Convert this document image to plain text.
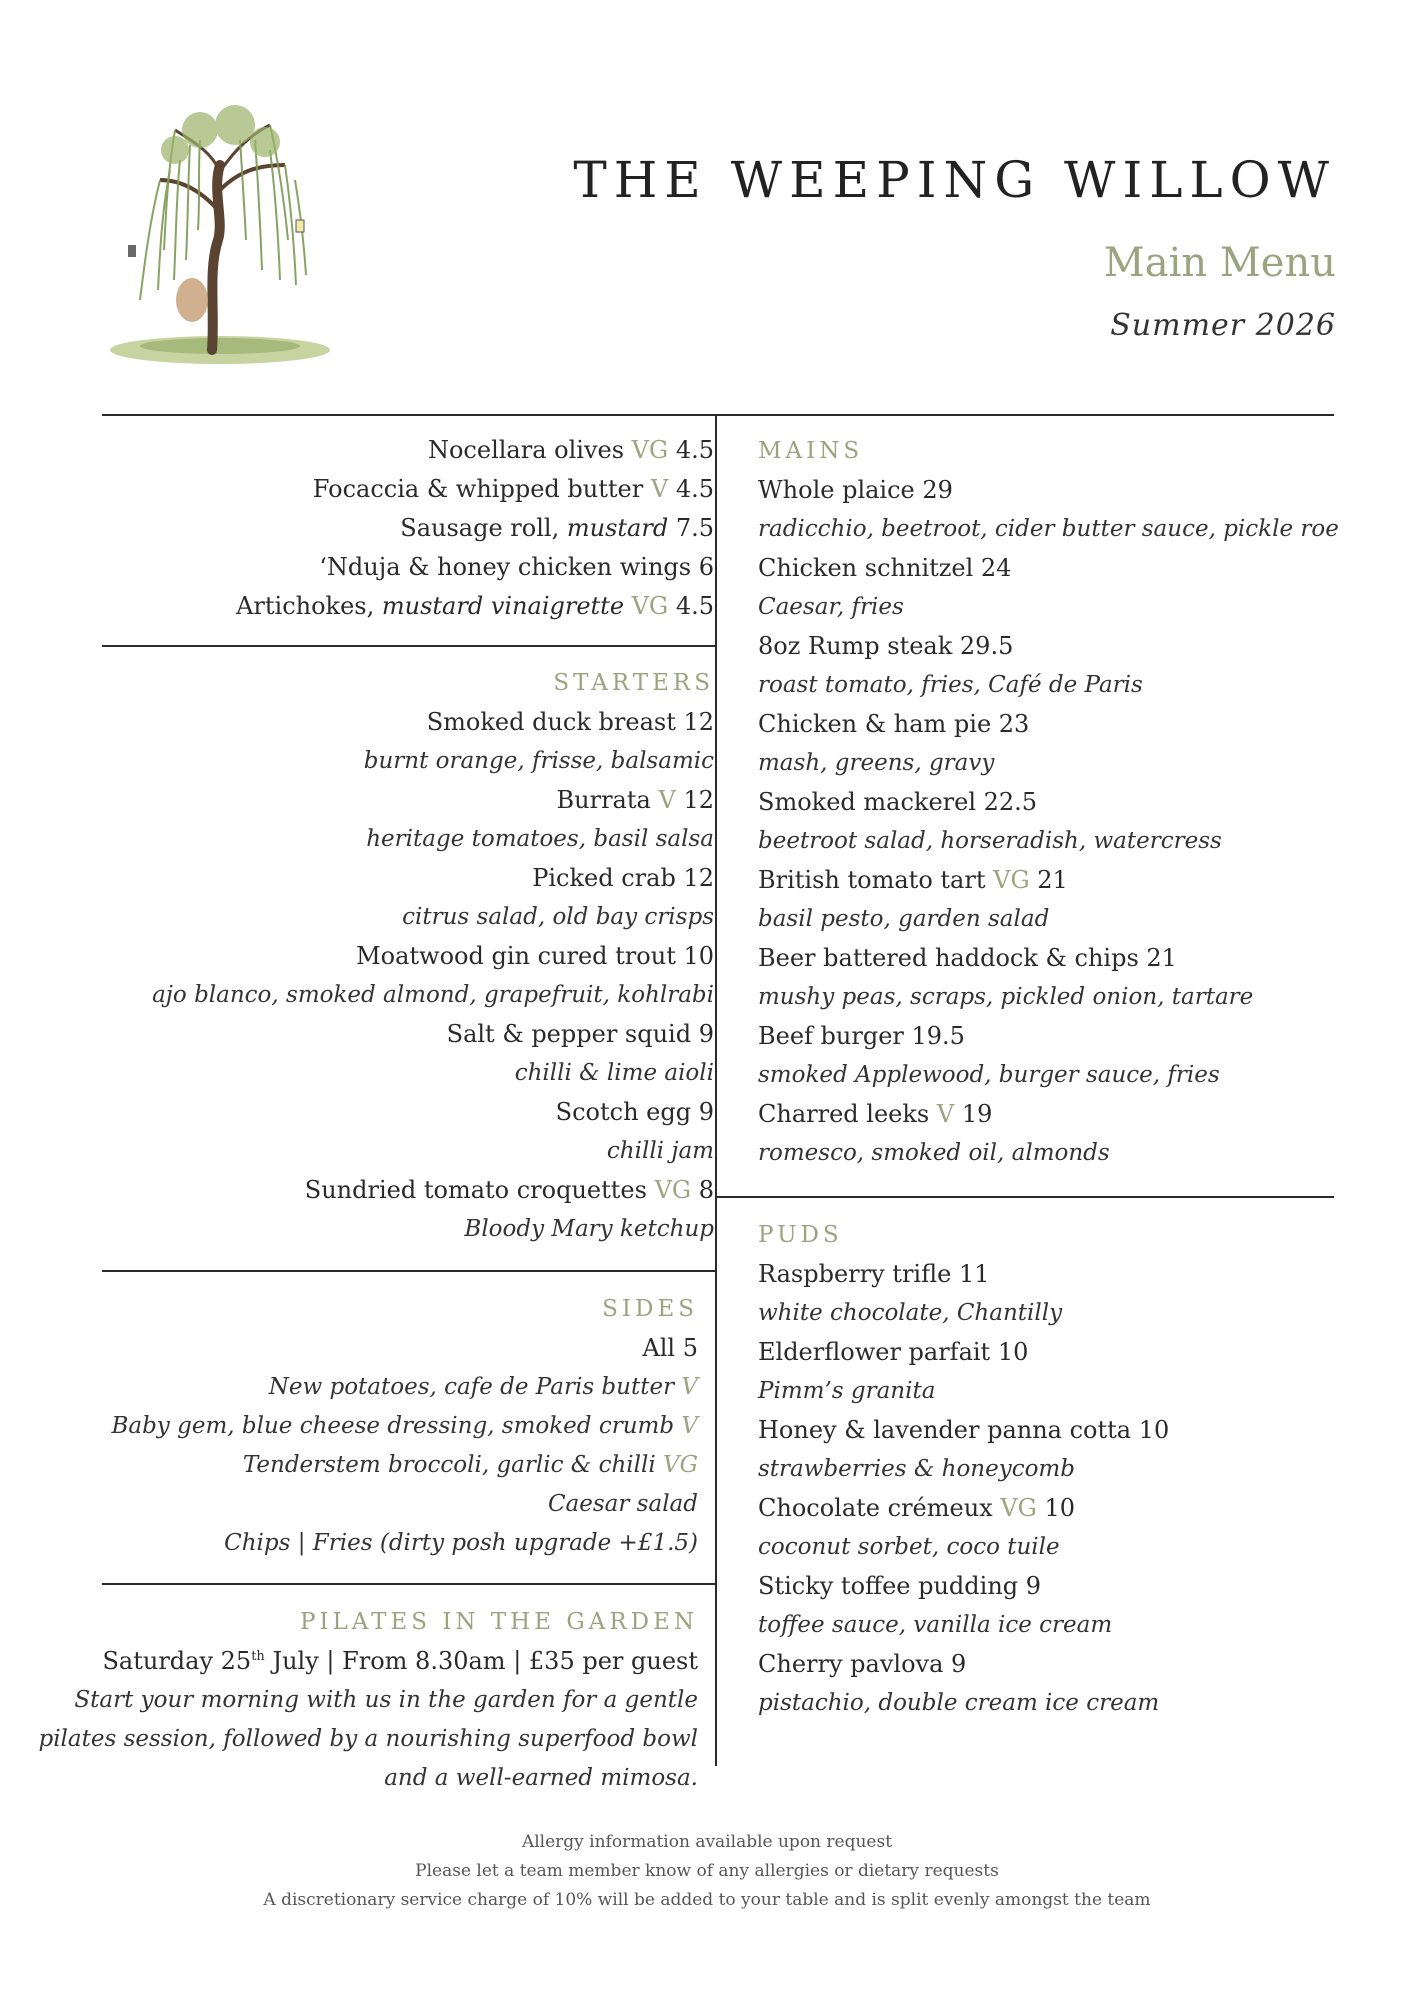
THE WEEPING WILLOW
Main Menu
Summer 2026
Nocellara olives VG 4.5
Focaccia & whipped butter V 4.5
Sausage roll, mustard 7.5
‘Nduja & honey chicken wings 6
Artichokes, mustard vinaigrette VG 4.5
STARTERS
Smoked duck breast 12
burnt orange, frisse, balsamic
Burrata V 12
heritage tomatoes, basil salsa
Picked crab 12
citrus salad, old bay crisps
Moatwood gin cured trout 10
ajo blanco, smoked almond, grapefruit, kohlrabi
Salt & pepper squid 9
chilli & lime aioli
Scotch egg 9
chilli jam
Sundried tomato croquettes VG 8
Bloody Mary ketchup
SIDES
All 5
New potatoes, cafe de Paris butter V
Baby gem, blue cheese dressing, smoked crumb V
Tenderstem broccoli, garlic & chilli VG
Caesar salad
Chips | Fries (dirty posh upgrade +£1.5)
PILATES IN THE GARDEN
Saturday 25th July | From 8.30am | £35 per guest
Start your morning with us in the garden for a gentle
pilates session, followed by a nourishing superfood bowl
and a well-earned mimosa.
MAINS
Whole plaice 29
radicchio, beetroot, cider butter sauce, pickle roe
Chicken schnitzel 24
Caesar, fries
8oz Rump steak 29.5
roast tomato, fries, Café de Paris
Chicken & ham pie 23
mash, greens, gravy
Smoked mackerel 22.5
beetroot salad, horseradish, watercress
British tomato tart VG 21
basil pesto, garden salad
Beer battered haddock & chips 21
mushy peas, scraps, pickled onion, tartare
Beef burger 19.5
smoked Applewood, burger sauce, fries
Charred leeks V 19
romesco, smoked oil, almonds
PUDS
Raspberry trifle 11
white chocolate, Chantilly
Elderflower parfait 10
Pimm’s granita
Honey & lavender panna cotta 10
strawberries & honeycomb
Chocolate crémeux VG 10
coconut sorbet, coco tuile
Sticky toffee pudding 9
toffee sauce, vanilla ice cream
Cherry pavlova 9
pistachio, double cream ice cream
Allergy information available upon request
Please let a team member know of any allergies or dietary requests
A discretionary service charge of 10% will be added to your table and is split evenly amongst the team
